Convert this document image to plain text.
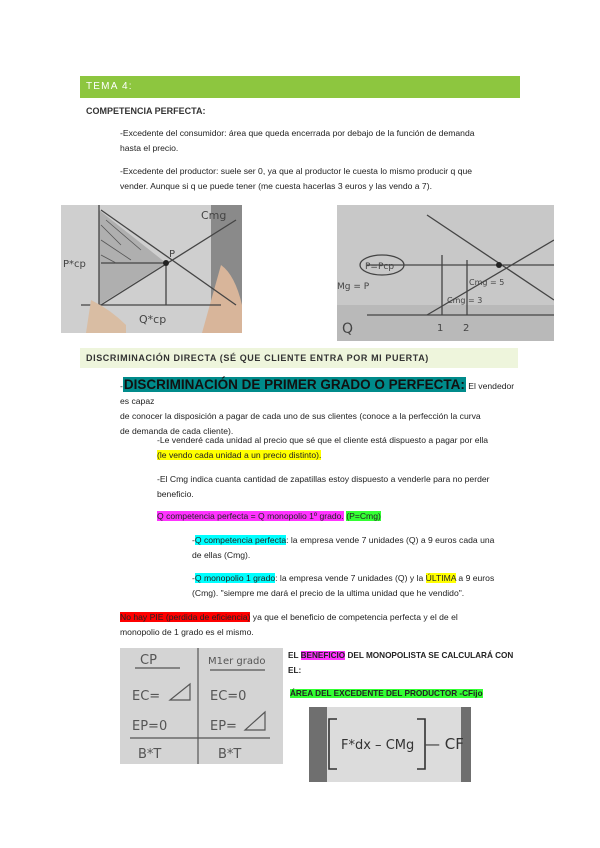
TEMA 4:
COMPETENCIA PERFECTA:
-Excedente del consumidor: área que queda encerrada por debajo de la función de demanda
hasta el precio.
-Excedente del productor: suele ser 0, ya que al productor le cuesta lo mismo producir q que
vender. Aunque si q ue puede tener (me cuesta hacerlas 3 euros y las vendo a 7).
Cmg
P
P*cp
Q*cp
P=Pcp
Mg = P
Q
Cmg = 5
Cmg = 3
1 2
DISCRIMINACIÓN DIRECTA (SÉ QUE CLIENTE ENTRA POR MI PUERTA)
-DISCRIMINACIÓN DE PRIMER GRADO O PERFECTA: El vendedor es capaz
de conocer la disposición a pagar de cada uno de sus clientes (conoce a la perfección la curva
de demanda de cada cliente).
-Le venderé cada unidad al precio que sé que el cliente está dispuesto a pagar por ella
(le vendo cada unidad a un precio distinto).
-El Cmg indica cuanta cantidad de zapatillas estoy dispuesto a venderle para no perder
beneficio.
Q competencia perfecta = Q monopolio 1º grado. (P=Cmg)
-Q competencia perfecta: la empresa vende 7 unidades (Q) a 9 euros cada una
de ellas (Cmg).
-Q monopolio 1 grado: la empresa vende 7 unidades (Q) y la ÚLTIMA a 9 euros
(Cmg). "siempre me dará el precio de la ultima unidad que he vendido".
No hay PIE (perdida de eficiencia) ya que el beneficio de competencia perfecta y el de el
monopolio de 1 grado es el mismo.
CP	M1er grado
EC=	EC=0
EP=0	EP=
B*T	B*T
EL BENEFICIO DEL MONOPOLISTA SE CALCULARÁ CON
EL:
ÁREA DEL EXCEDENTE DEL PRODUCTOR -CFijo
F*dx – CMg — CF
